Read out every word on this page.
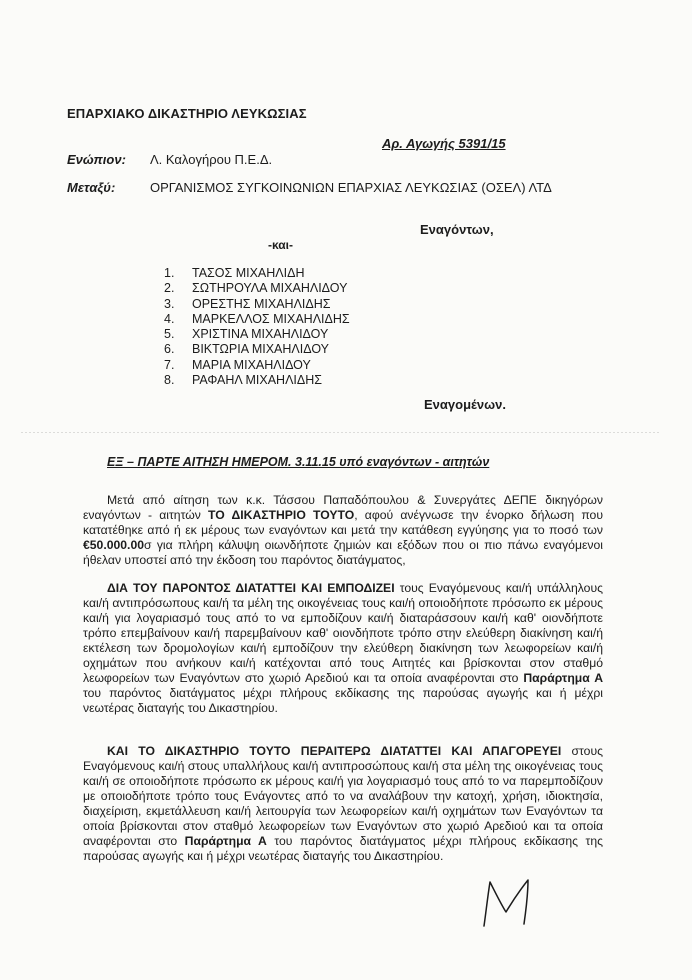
ΕΠΑΡΧΙΑΚΟ ΔΙΚΑΣΤΗΡΙΟ ΛΕΥΚΩΣΙΑΣ
Αρ. Αγωγής 5391/15
Ενώπιον: Λ. Καλογήρου Π.Ε.Δ.
Μεταξύ:	ΟΡΓΑΝΙΣΜΟΣ ΣΥΓΚΟΙΝΩΝΙΩΝ ΕΠΑΡΧΙΑΣ ΛΕΥΚΩΣΙΑΣ (ΟΣΕΛ) ΛΤΔ
Εναγόντων,
-και-
1.	ΤΑΣΟΣ ΜΙΧΑΗΛΙΔΗ
2.	ΣΩΤΗΡΟΥΛΑ ΜΙΧΑΗΛΙΔΟΥ
3.	ΟΡΕΣΤΗΣ ΜΙΧΑΗΛΙΔΗΣ
4.	ΜΑΡΚΕΛΛΟΣ ΜΙΧΑΗΛΙΔΗΣ
5.	ΧΡΙΣΤΙΝΑ ΜΙΧΑΗΛΙΔΟΥ
6.	ΒΙΚΤΩΡΙΑ ΜΙΧΑΗΛΙΔΟΥ
7.	ΜΑΡΙΑ ΜΙΧΑΗΛΙΔΟΥ
8.	ΡΑΦΑΗΛ ΜΙΧΑΗΛΙΔΗΣ
Εναγομένων.
ΕΞ – ΠΑΡΤΕ ΑΙΤΗΣΗ ΗΜΕΡΟΜ. 3.11.15 υπό εναγόντων - αιτητών
Μετά από αίτηση των κ.κ. Τάσσου Παπαδόπουλου & Συνεργάτες ΔΕΠΕ δικηγόρων εναγόντων - αιτητών ΤΟ ΔΙΚΑΣΤΗΡΙΟ ΤΟΥΤΟ, αφού ανέγνωσε την ένορκο δήλωση που κατατέθηκε από ή εκ μέρους των εναγόντων και μετά την κατάθεση εγγύησης για το ποσό των €50.000.00σ για πλήρη κάλυψη οιωνδήποτε ζημιών και εξόδων που οι πιο πάνω εναγόμενοι ήθελαν υποστεί από την έκδοση του παρόντος διατάγματος,
ΔΙΑ ΤΟΥ ΠΑΡΟΝΤΟΣ ΔΙΑΤΑΤΤΕΙ ΚΑΙ ΕΜΠΟΔΙΖΕΙ τους Εναγόμενους και/ή υπάλληλους και/ή αντιπρόσωπους και/ή τα μέλη της οικογένειας τους και/ή οποιοδήποτε πρόσωπο εκ μέρους και/ή για λογαριασμό τους από το να εμποδίζουν και/ή διαταράσσουν και/ή καθ' οιονδήποτε τρόπο επεμβαίνουν και/ή παρεμβαίνουν καθ' οιονδήποτε τρόπο στην ελεύθερη διακίνηση και/ή εκτέλεση των δρομολογίων και/ή εμποδίζουν την ελεύθερη διακίνηση των λεωφορείων και/ή οχημάτων που ανήκουν και/ή κατέχονται από τους Αιτητές και βρίσκονται στον σταθμό λεωφορείων των Εναγόντων στο χωριό Αρεδιού και τα οποία αναφέρονται στο Παράρτημα Α του παρόντος διατάγματος μέχρι πλήρους εκδίκασης της παρούσας αγωγής και ή μέχρι νεωτέρας διαταγής του Δικαστηρίου.
ΚΑΙ ΤΟ ΔΙΚΑΣΤΗΡΙΟ ΤΟΥΤΟ ΠΕΡΑΙΤΕΡΩ ΔΙΑΤΑΤΤΕΙ ΚΑΙ ΑΠΑΓΟΡΕΥΕΙ στους Εναγόμενους και/ή στους υπαλλήλους και/ή αντιπροσώπους και/ή στα μέλη της οικογένειας τους και/ή σε οποιοδήποτε πρόσωπο εκ μέρους και/ή για λογαριασμό τους από το να παρεμποδίζουν με οποιοδήποτε τρόπο τους Ενάγοντες από το να αναλάβουν την κατοχή, χρήση, ιδιοκτησία, διαχείριση, εκμετάλλευση και/ή λειτουργία των λεωφορείων και/ή οχημάτων των Εναγόντων τα οποία βρίσκονται στον σταθμό λεωφορείων των Εναγόντων στο χωριό Αρεδιού και τα οποία αναφέρονται στο Παράρτημα Α του παρόντος διατάγματος μέχρι πλήρους εκδίκασης της παρούσας αγωγής και ή μέχρι νεωτέρας διαταγής του Δικαστηρίου.
